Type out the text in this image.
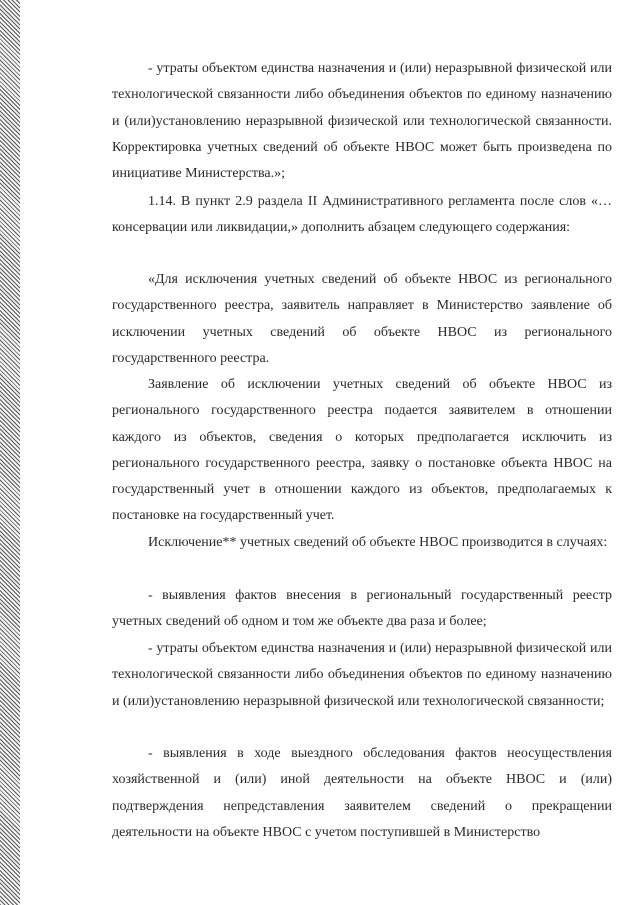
- утраты объектом единства назначения и (или) неразрывной физической или технологической связанности либо объединения объектов по единому назначению и (или)установлению неразрывной физической или технологической связанности. Корректировка учетных сведений об объекте НВОС может быть произведена по инициативе Министерства.»;

1.14. В пункт 2.9 раздела II Административного регламента после слов «…консервации или ликвидации,» дополнить абзацем следующего содержания:

«Для исключения учетных сведений об объекте НВОС из регионального государственного реестра, заявитель направляет в Министерство заявление об исключении учетных сведений об объекте НВОС из регионального государственного реестра.

Заявление об исключении учетных сведений об объекте НВОС из регионального государственного реестра подается заявителем в отношении каждого из объектов, сведения о которых предполагается исключить из регионального государственного реестра, заявку о постановке объекта НВОС на государственный учет в отношении каждого из объектов, предполагаемых к постановке на государственный учет.

Исключение** учетных сведений об объекте НВОС производится в случаях:

- выявления фактов внесения в региональный государственный реестр учетных сведений об одном и том же объекте два раза и более;

- утраты объектом единства назначения и (или) неразрывной физической или технологической связанности либо объединения объектов по единому назначению и (или)установлению неразрывной физической или технологической связанности;

- выявления в ходе выездного обследования фактов неосуществления хозяйственной и (или) иной деятельности на объекте НВОС и (или) подтверждения непредставления заявителем сведений о прекращении деятельности на объекте НВОС с учетом поступившей в Министерство
